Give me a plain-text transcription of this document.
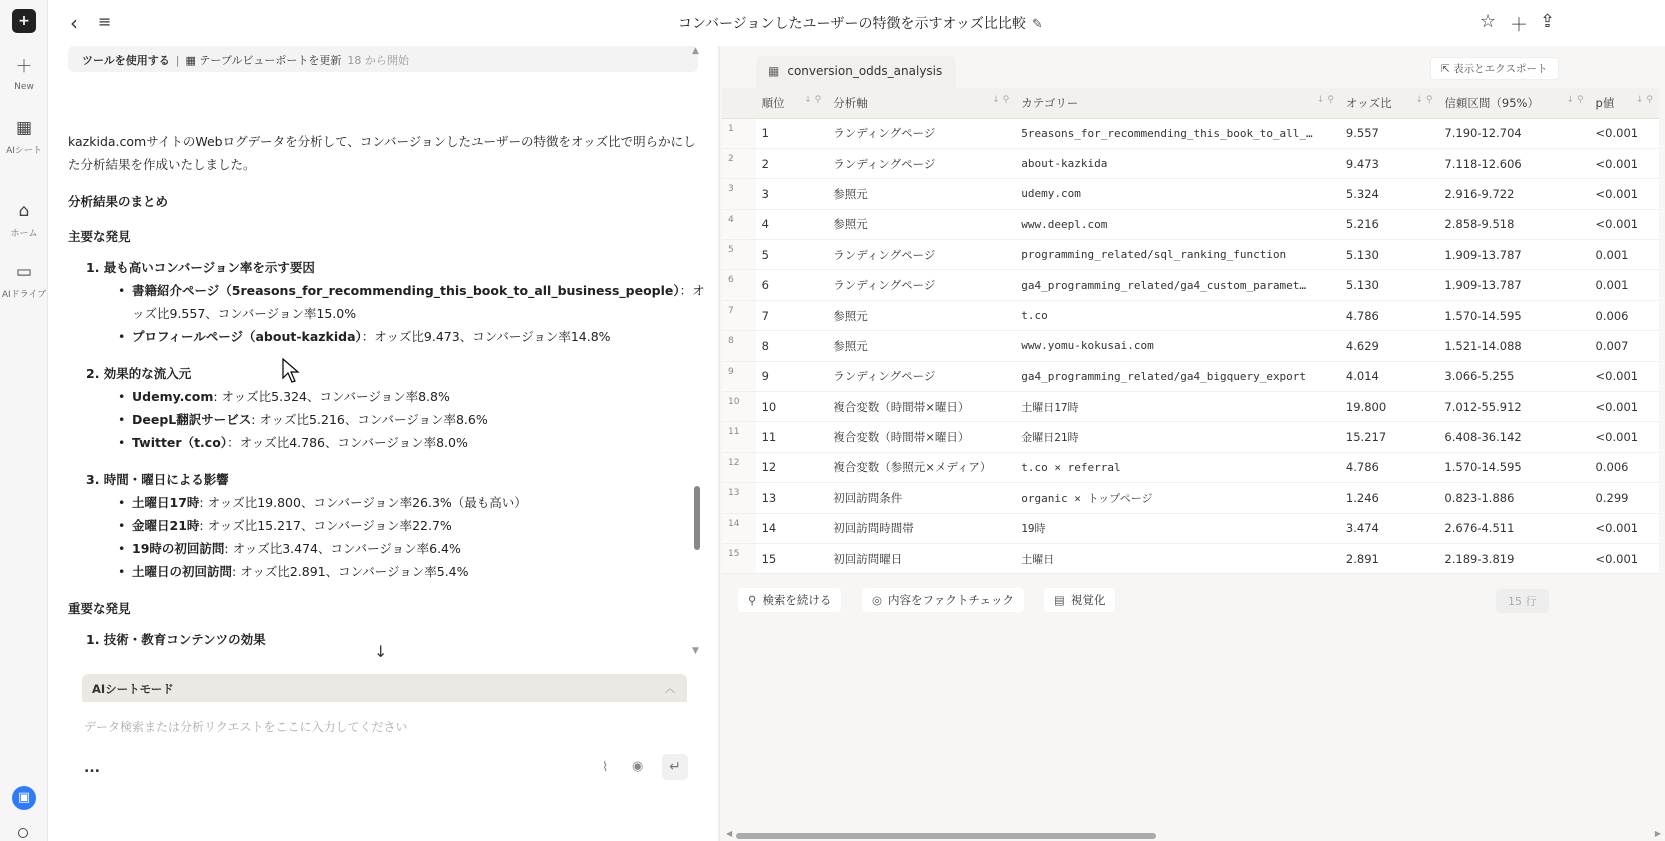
+
＋
New
▦
AIシート
⌂
ホーム
▭
AIドライブ
▣
‹ ≡	コンバージョンしたユーザーの特徴を示すオッズ比比較 ✎	☆ ＋ ⇪
ツールを使用する | ▦ テーブルビューポートを更新 18 から開始

kazkida.comサイトのWebログデータを分析して、コンバージョンしたユーザーの特徴をオッズ比で明らかにした分析結果を作成いたしました。

分析結果のまとめ
主要な発見
1. 最も高いコンバージョン率を示す要因
• 書籍紹介ページ（5reasons_for_recommending_this_book_to_all_business_people）：オッズ比9.557、コンバージョン率15.0%
• プロフィールページ（about-kazkida）：オッズ比9.473、コンバージョン率14.8%
2. 効果的な流入元
• Udemy.com: オッズ比5.324、コンバージョン率8.8%
• DeepL翻訳サービス: オッズ比5.216、コンバージョン率8.6%
• Twitter（t.co）：オッズ比4.786、コンバージョン率8.0%
3. 時間・曜日による影響
• 土曜日17時: オッズ比19.800、コンバージョン率26.3%（最も高い）
• 金曜日21時: オッズ比15.217、コンバージョン率22.7%
• 19時の初回訪問: オッズ比3.474、コンバージョン率6.4%
• 土曜日の初回訪問: オッズ比2.891、コンバージョン率5.4%
重要な発見
1. 技術・教育コンテンツの効果
▲
▼
↓
AIシートモード	︿
データ検索または分析リクエストをここに入力してください
...	⌇ ◉	↵
▦ conversion_odds_analysis	⇱ 表示とエクスポート
	順位 ↓ ⚲	分析軸 ↓ ⚲	カテゴリー ↓ ⚲	オッズ比 ↓ ⚲	信頼区間（95%） ↓ ⚲	p値 ↓ ⚲

1	1	ランディングページ	5reasons_for_recommending_this_book_to_all_…	9.557	7.190-12.704	<0.001
2	2	ランディングページ	about-kazkida	9.473	7.118-12.606	<0.001
3	3	参照元	udemy.com	5.324	2.916-9.722	<0.001
4	4	参照元	www.deepl.com	5.216	2.858-9.518	<0.001
5	5	ランディングページ	programming_related/sql_ranking_function	5.130	1.909-13.787	0.001
6	6	ランディングページ	ga4_programming_related/ga4_custom_paramet…	5.130	1.909-13.787	0.001
7	7	参照元	t.co	4.786	1.570-14.595	0.006
8	8	参照元	www.yomu-kokusai.com	4.629	1.521-14.088	0.007
9	9	ランディングページ	ga4_programming_related/ga4_bigquery_export	4.014	3.066-5.255	<0.001
10	10	複合変数（時間帯×曜日）	土曜日17時	19.800	7.012-55.912	<0.001
11	11	複合変数（時間帯×曜日）	金曜日21時	15.217	6.408-36.142	<0.001
12	12	複合変数（参照元×メディア）	t.co × referral	4.786	1.570-14.595	0.006
13	13	初回訪問条件	organic × トップページ	1.246	0.823-1.886	0.299
14	14	初回訪問時間帯	19時	3.474	2.676-4.511	<0.001
15	15	初回訪問曜日	土曜日	2.891	2.189-3.819	<0.001
⚲ 検索を続ける	◎ 内容をファクトチェック	▤ 視覚化	15 行
◀	▶
